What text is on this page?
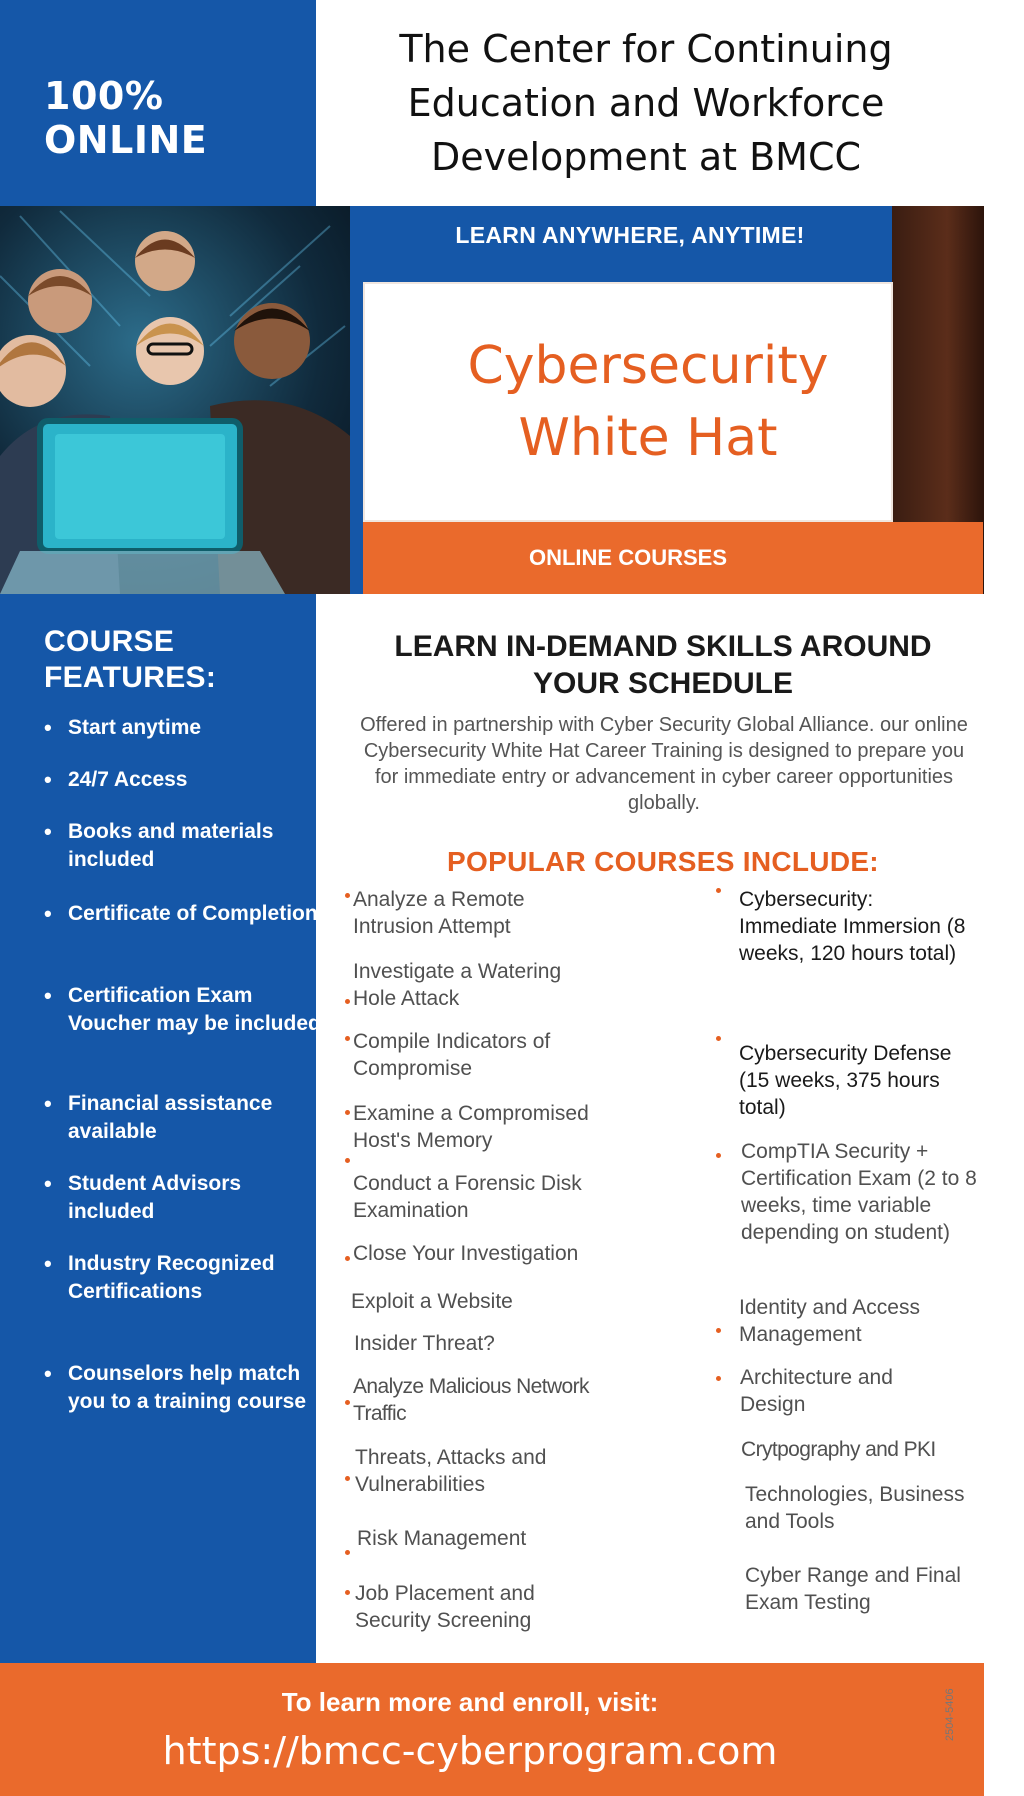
100%
ONLINE
The Center for Continuing
Education and Workforce
Development at BMCC
LEARN ANYWHERE, ANYTIME!
Cybersecurity
White Hat
ONLINE COURSES
COURSE
FEATURES:
• Start anytime
• 24/7 Access
• Books and materials included
• Certificate of Completion
• Certification Exam Voucher may be included
• Financial assistance available
• Student Advisors included
• Industry Recognized Certifications
• Counselors help match you to a training course
LEARN IN-DEMAND SKILLS AROUND
YOUR SCHEDULE
Offered in partnership with Cyber Security Global Alliance. our online Cybersecurity White Hat Career Training is designed to prepare you for immediate entry or advancement in cyber career opportunities globally.
POPULAR COURSES INCLUDE:
Analyze a Remote Intrusion Attempt
Investigate a Watering Hole Attack
Compile Indicators of Compromise
Examine a Compromised Host's Memory
Conduct a Forensic Disk Examination
Close Your Investigation
Exploit a Website
Insider Threat?
Analyze Malicious Network Traffic
Threats, Attacks and Vulnerabilities
Risk Management
Job Placement and Security Screening
Cybersecurity: Immediate Immersion (8 weeks, 120 hours total)
Cybersecurity Defense (15 weeks, 375 hours total)
CompTIA Security + Certification Exam (2 to 8 weeks, time variable depending on student)
Identity and Access Management
Architecture and Design
Crytpography and PKI
Technologies, Business and Tools
Cyber Range and Final Exam Testing
To learn more and enroll, visit:
https://bmcc-cyberprogram.com
2504-5406
